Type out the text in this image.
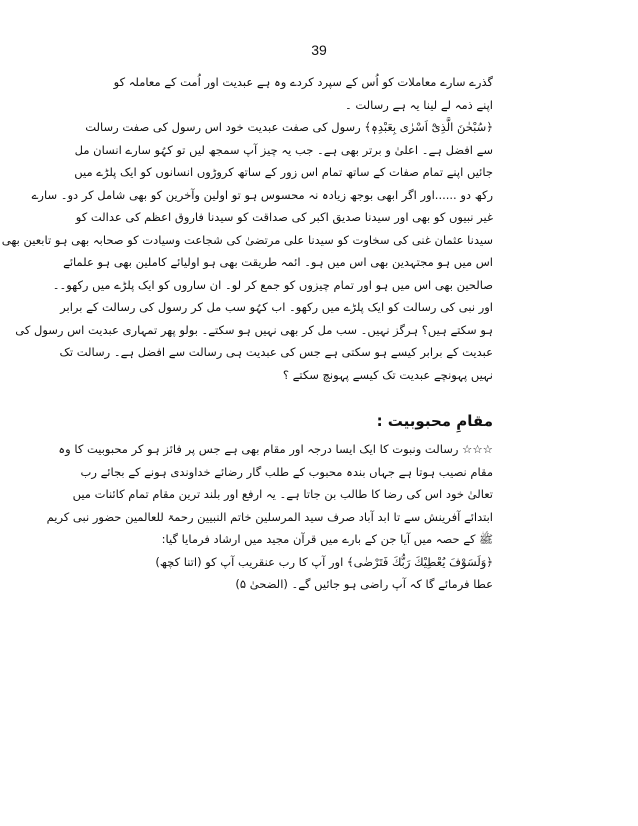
39
گذرے سارے معاملات کو اُس کے سپرد کردے وہ ہے عبدیت اور اُمت کے معاملہ کو
اپنے ذمہ لے لینا یہ ہے رسالت ۔
﴿سُبْحٰنَ الَّذِیْٓ اَسْرٰی بِعَبْدِہٖ﴾ رسول کی صفت عبدیت خود اس رسول کی صفت رسالت
سے افضل ہے۔ اعلیٰ و برتر بھی ہے۔ جب یہ چیز آپ سمجھ لیں تو کہُو سارے انسان مل
جائیں اپنے تمام صفات کے ساتھ تمام اس زور کے ساتھ کروڑوں انسانوں کو ایک پلڑے میں
رکھ دو ......اور اگر ابھی بوجھ زیادہ نہ محسوس ہو تو اولین وآخرین کو بھی شامل کر دو۔ سارے
غیر نبیوں کو بھی اور سیدنا صدیق اکبر کی صداقت کو سیدنا فاروق اعظم کی عدالت کو
سیدنا عثمان غنی کی سخاوت کو سیدنا علی مرتضیٰ کی شجاعت وسیادت کو صحابہ بھی ہو تابعین بھی
اس میں ہو مجتہدین بھی اس میں ہو۔ ائمہ طریقت بھی ہو اولیائے کاملین بھی ہو علمائے
صالحین بھی اس میں ہو اور تمام چیزوں کو جمع کر لو۔ ان ساروں کو ایک پلڑے میں رکھو۔۔
اور نبی کی رسالت کو ایک پلڑے میں رکھو۔ اب کہُو سب مل کر رسول کی رسالت کے برابر
ہو سکتے ہیں؟ ہرگز نہیں۔ سب مل کر بھی نہیں ہو سکتے۔ بولو پھر تمہاری عبدیت اس رسول کی
عبدیت کے برابر کیسے ہو سکتی ہے جس کی عبدیت ہی رسالت سے افضل ہے۔ رسالت تک
نہیں پہونچے عبدیت تک کیسے پہونچ سکتے ؟
مقامِ محبوبیت :
☆☆☆ رسالت ونبوت کا ایک ایسا درجہ اور مقام بھی ہے جس پر فائز ہو کر محبوبیت کا وہ
مقام نصیب ہوتا ہے جہاں بندہ محبوب کے طلب گار رضائے خداوندی ہونے کے بجائے رب
تعالیٰ خود اس کی رضا کا طالب بن جاتا ہے۔ یہ ارفع اور بلند ترین مقام تمام کائنات میں
ابتدائے آفرینش سے تا ابد آباد صرف سید المرسلین خاتم النبیین رحمۃ للعالمین حضور نبی کریم
ﷺ کے حصہ میں آیا جن کے بارے میں قرآن مجید میں ارشاد فرمایا گیا:
﴿وَلَسَوْفَ یُعْطِیْكَ رَبُّكَ فَتَرْضٰی﴾ اور آپ کا رب عنقریب آپ کو (اتنا کچھ)
عطا فرمائے گا کہ آپ راضی ہو جائیں گے۔ (الضحیٰ ۵)
